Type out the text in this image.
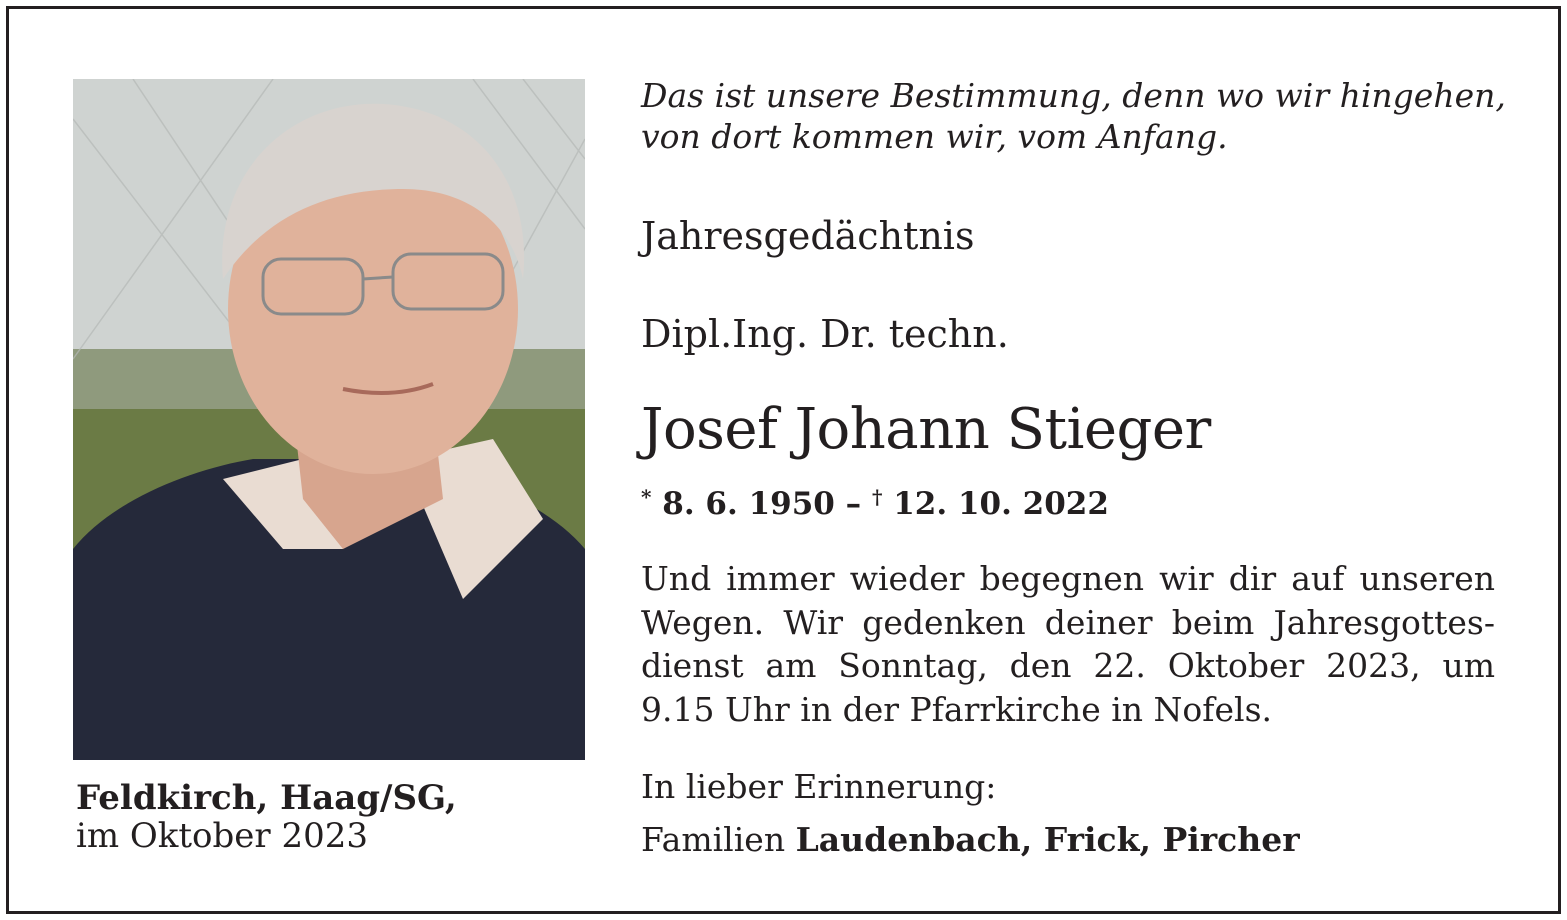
Feldkirch, Haag/SG,
im Oktober 2023
Das ist unsere Bestimmung, denn wo wir hingehen,
von dort kommen wir, vom Anfang.
Jahresgedächtnis
Dipl.Ing. Dr. techn.
Josef Johann Stieger
* 8. 6. 1950 – † 12. 10. 2022
Und immer wieder begegnen wir dir auf unseren
Wegen. Wir gedenken deiner beim Jahresgottes-
dienst am Sonntag, den 22. Oktober 2023, um
9.15 Uhr in der Pfarrkirche in Nofels.
In lieber Erinnerung:
Familien Laudenbach, Frick, Pircher
